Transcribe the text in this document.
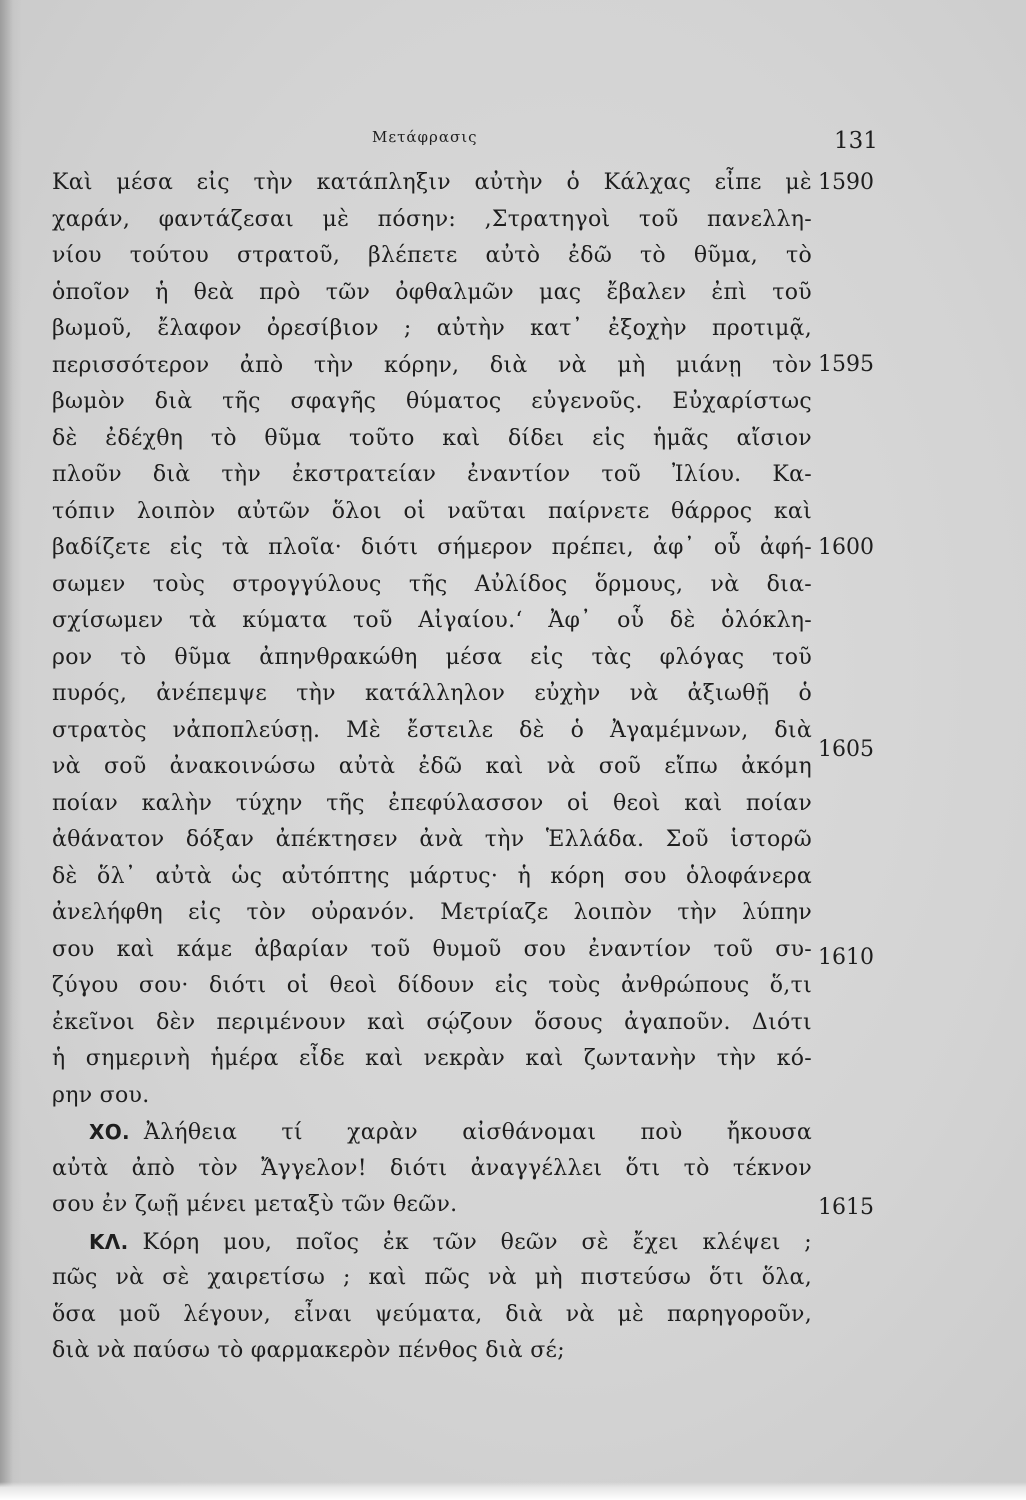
Μετάφρασις	131
Καὶ μέσα εἰς τὴν κατάπληξιν αὐτὴν ὁ Κάλχας εἶπε μὲ
χαράν, φαντάζεσαι μὲ πόσην: ,Στρατηγοὶ τοῦ πανελλη-
νίου τούτου στρατοῦ, βλέπετε αὐτὸ ἐδῶ τὸ θῦμα, τὸ
ὁποῖον ἡ θεὰ πρὸ τῶν ὀφθαλμῶν μας ἔβαλεν ἐπὶ τοῦ
βωμοῦ, ἔλαφον ὀρεσίβιον ; αὐτὴν κατ᾿ ἐξοχὴν προτιμᾷ,
περισσότερον ἀπὸ τὴν κόρην, διὰ νὰ μὴ μιάνῃ τὸν
βωμὸν διὰ τῆς σφαγῆς θύματος εὐγενοῦς. Εὐχαρίστως
δὲ ἐδέχθη τὸ θῦμα τοῦτο καὶ δίδει εἰς ἡμᾶς αἴσιον
πλοῦν διὰ τὴν ἐκστρατείαν ἐναντίον τοῦ Ἰλίου. Κα-
τόπιν λοιπὸν αὐτῶν ὅλοι οἱ ναῦται παίρνετε θάρρος καὶ
βαδίζετε εἰς τὰ πλοῖα· διότι σήμερον πρέπει, ἀφ᾿ οὗ ἀφή-
σωμεν τοὺς στρογγύλους τῆς Αὐλίδος ὅρμους, νὰ δια-
σχίσωμεν τὰ κύματα τοῦ Αἰγαίου.ʻ Ἀφ᾿ οὗ δὲ ὁλόκλη-
ρον τὸ θῦμα ἀπηνθρακώθη μέσα εἰς τὰς φλόγας τοῦ
πυρός, ἀνέπεμψε τὴν κατάλληλον εὐχὴν νὰ ἀξιωθῇ ὁ
στρατὸς νἀποπλεύσῃ. Μὲ ἔστειλε δὲ ὁ Ἀγαμέμνων, διὰ
νὰ σοῦ ἀνακοινώσω αὐτὰ ἐδῶ καὶ νὰ σοῦ εἴπω ἀκόμη
ποίαν καλὴν τύχην τῆς ἐπεφύλασσον οἱ θεοὶ καὶ ποίαν
ἀθάνατον δόξαν ἀπέκτησεν ἀνὰ τὴν Ἑλλάδα. Σοῦ ἱστορῶ
δὲ ὅλ᾿ αὐτὰ ὡς αὐτόπτης μάρτυς· ἡ κόρη σου ὁλοφάνερα
ἀνελήφθη εἰς τὸν οὐρανόν. Μετρίαζε λοιπὸν τὴν λύπην
σου καὶ κάμε ἀβαρίαν τοῦ θυμοῦ σου ἐναντίον τοῦ συ-
ζύγου σου· διότι οἱ θεοὶ δίδουν εἰς τοὺς ἀνθρώπους ὅ,τι
ἐκεῖνοι δὲν περιμένουν καὶ σῴζουν ὅσους ἀγαποῦν. Διότι
ἡ σημερινὴ ἡμέρα εἶδε καὶ νεκρὰν καὶ ζωντανὴν τὴν κό-
ρην σου.
ΧΟ. Ἀλήθεια τί χαρὰν αἰσθάνομαι ποὺ ἤκουσα
αὐτὰ ἀπὸ τὸν Ἄγγελον! διότι ἀναγγέλλει ὅτι τὸ τέκνον
σου ἐν ζωῇ μένει μεταξὺ τῶν θεῶν.
ΚΛ. Κόρη μου, ποῖος ἐκ τῶν θεῶν σὲ ἔχει κλέψει ;
πῶς νὰ σὲ χαιρετίσω ; καὶ πῶς νὰ μὴ πιστεύσω ὅτι ὅλα,
ὅσα μοῦ λέγουν, εἶναι ψεύματα, διὰ νὰ μὲ παρηγοροῦν,
διὰ νὰ παύσω τὸ φαρμακερὸν πένθος διὰ σέ;
1590
1595
1600
1605
1610
1615
